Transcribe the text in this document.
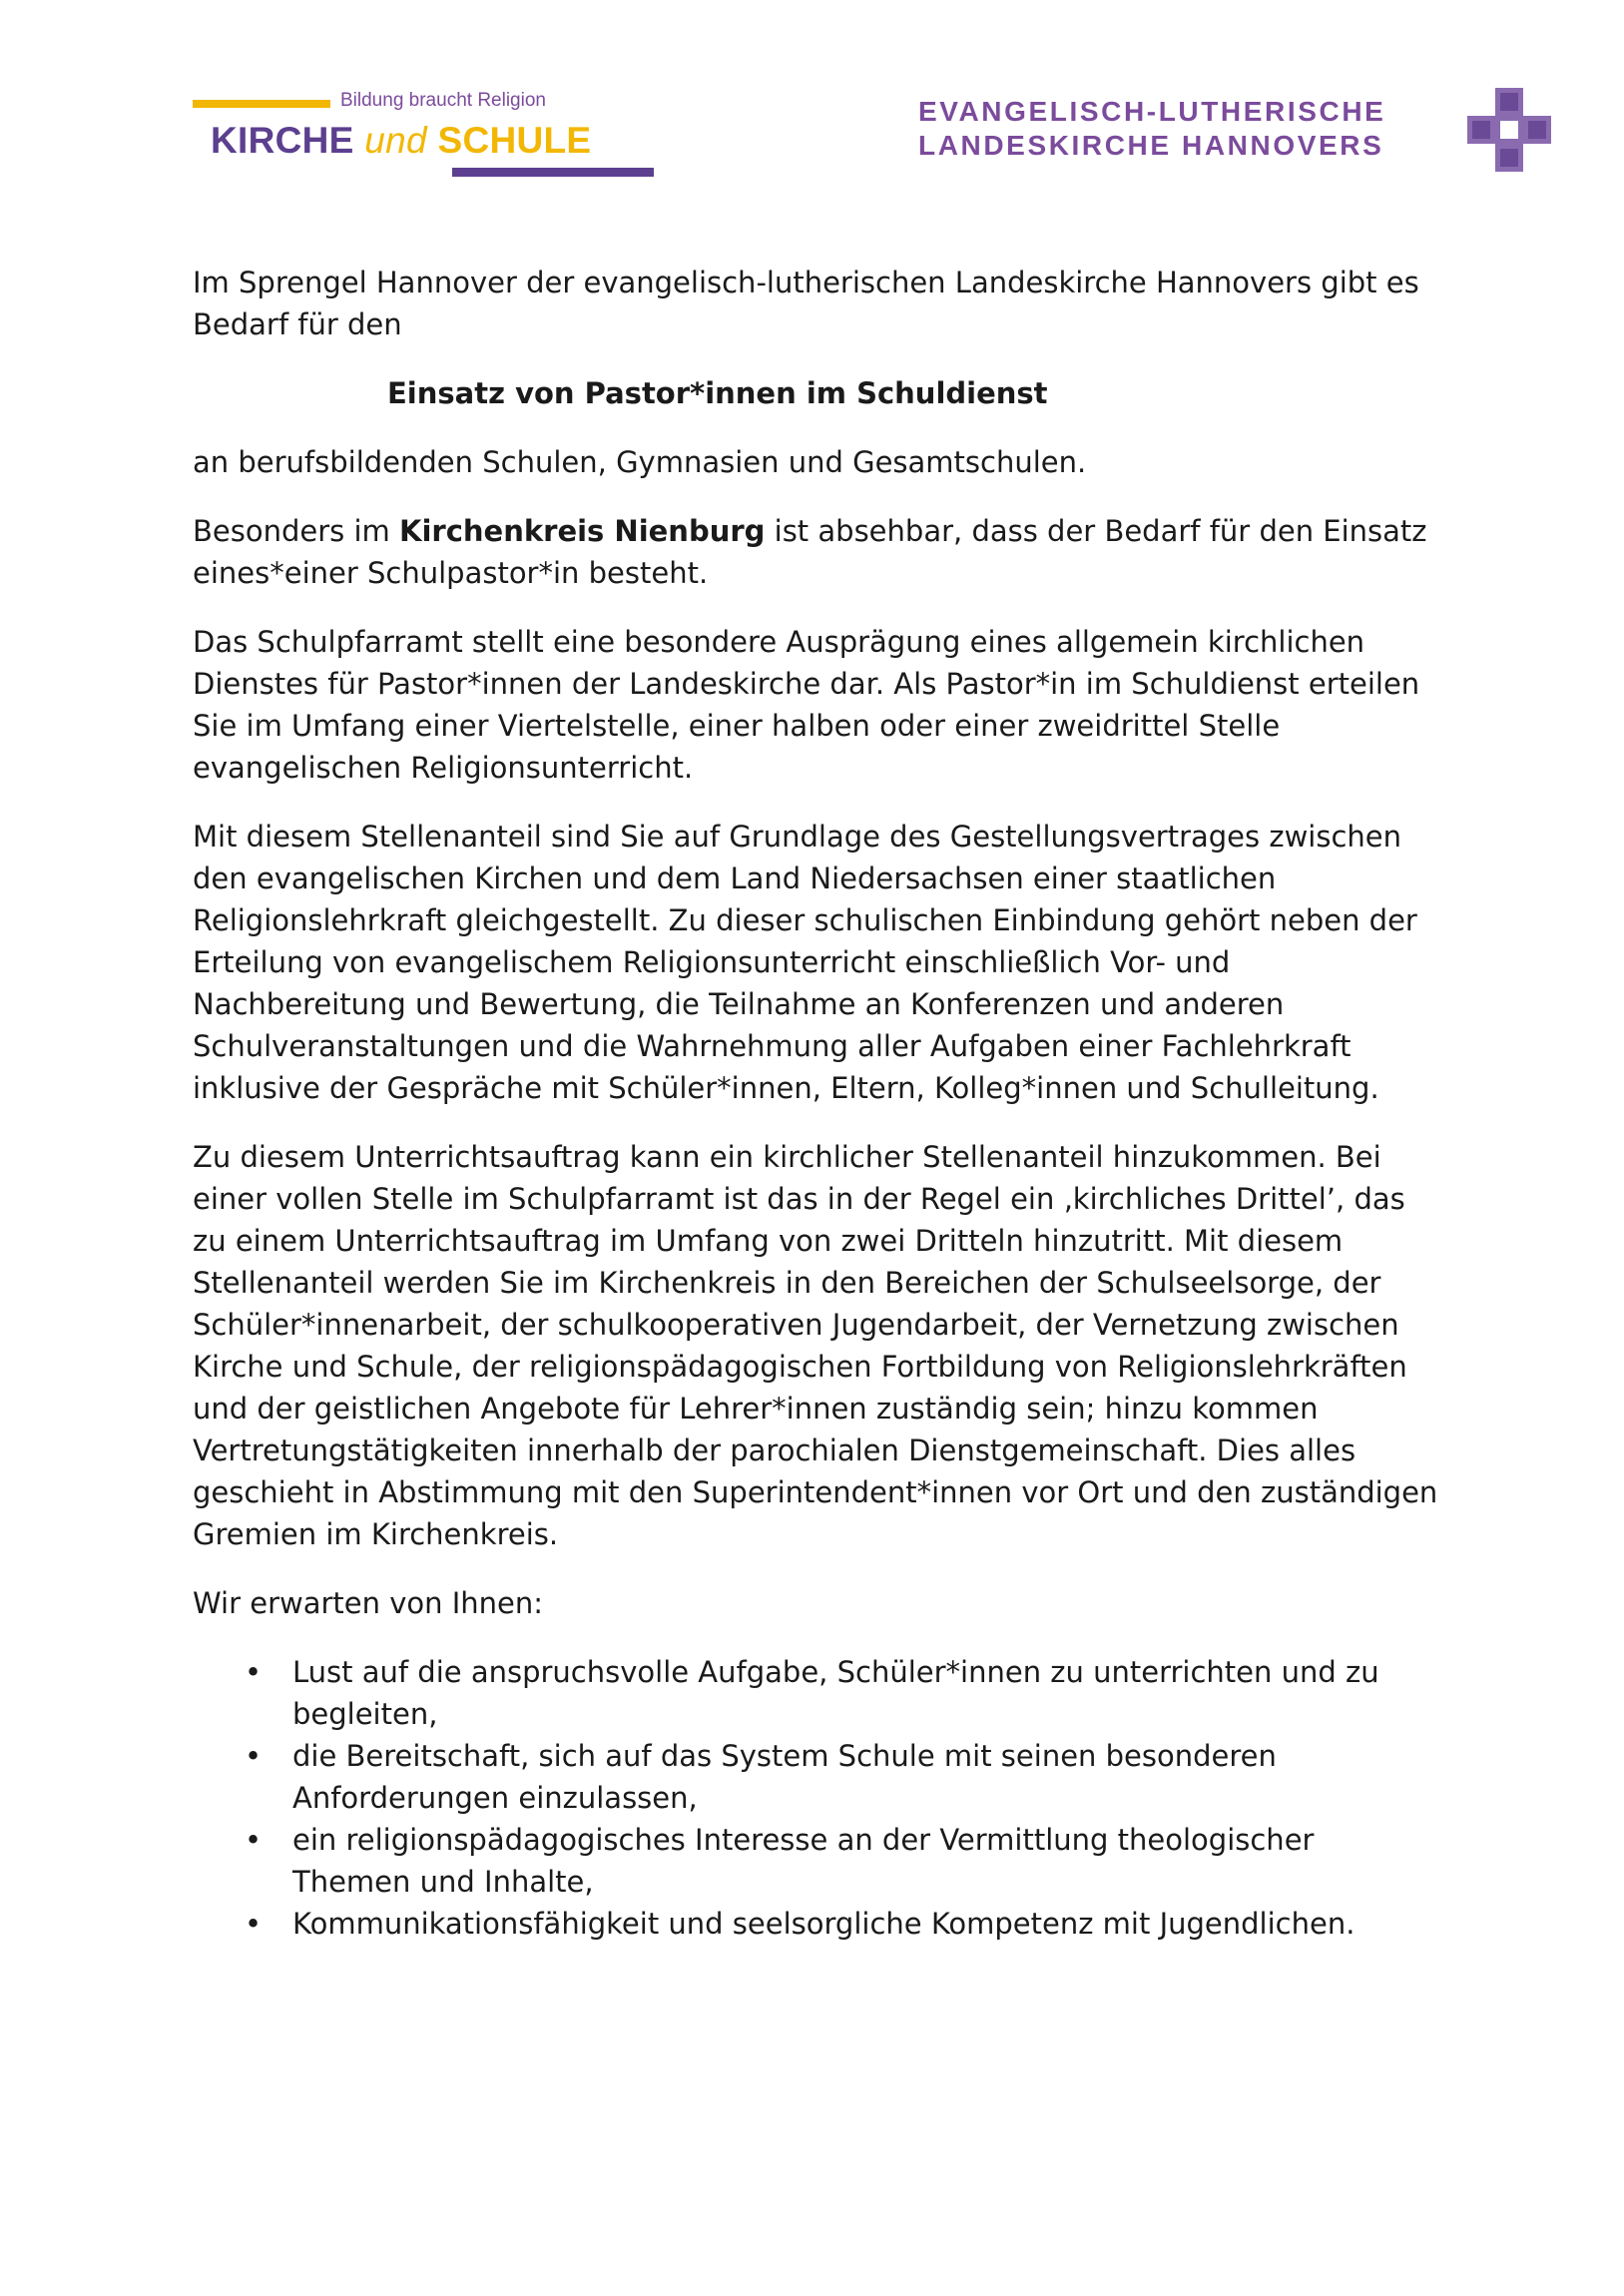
Bildung braucht Religion
KIRCHE und SCHULE
EVANGELISCH-LUTHERISCHE
LANDESKIRCHE HANNOVERS

Im Sprengel Hannover der evangelisch-lutherischen Landeskirche Hannovers gibt es Bedarf für den

Einsatz von Pastor*innen im Schuldienst

an berufsbildenden Schulen, Gymnasien und Gesamtschulen.

Besonders im Kirchenkreis Nienburg ist absehbar, dass der Bedarf für den Einsatz eines*einer Schulpastor*in besteht.

Das Schulpfarramt stellt eine besondere Ausprägung eines allgemein kirchlichen Dienstes für Pastor*innen der Landeskirche dar. Als Pastor*in im Schuldienst erteilen Sie im Umfang einer Viertelstelle, einer halben oder einer zweidrittel Stelle evangelischen Religionsunterricht.

Mit diesem Stellenanteil sind Sie auf Grundlage des Gestellungsvertrages zwischen den evangelischen Kirchen und dem Land Niedersachsen einer staatlichen Religionslehrkraft gleichgestellt. Zu dieser schulischen Einbindung gehört neben der Erteilung von evangelischem Religionsunterricht einschließlich Vor- und Nachbereitung und Bewertung, die Teilnahme an Konferenzen und anderen Schulveranstaltungen und die Wahrnehmung aller Aufgaben einer Fachlehrkraft inklusive der Gespräche mit Schüler*innen, Eltern, Kolleg*innen und Schulleitung.

Zu diesem Unterrichtsauftrag kann ein kirchlicher Stellenanteil hinzukommen. Bei einer vollen Stelle im Schulpfarramt ist das in der Regel ein ‚kirchliches Drittel’, das zu einem Unterrichtsauftrag im Umfang von zwei Dritteln hinzutritt. Mit diesem Stellenanteil werden Sie im Kirchenkreis in den Bereichen der Schulseelsorge, der Schüler*innenarbeit, der schulkooperativen Jugendarbeit, der Vernetzung zwischen Kirche und Schule, der religionspädagogischen Fortbildung von Religionslehrkräften und der geistlichen Angebote für Lehrer*innen zuständig sein; hinzu kommen Vertretungstätigkeiten innerhalb der parochialen Dienstgemeinschaft. Dies alles geschieht in Abstimmung mit den Superintendent*innen vor Ort und den zuständigen Gremien im Kirchenkreis.

Wir erwarten von Ihnen:

• Lust auf die anspruchsvolle Aufgabe, Schüler*innen zu unterrichten und zu begleiten,
• die Bereitschaft, sich auf das System Schule mit seinen besonderen Anforderungen einzulassen,
• ein religionspädagogisches Interesse an der Vermittlung theologischer Themen und Inhalte,
• Kommunikationsfähigkeit und seelsorgliche Kompetenz mit Jugendlichen.
